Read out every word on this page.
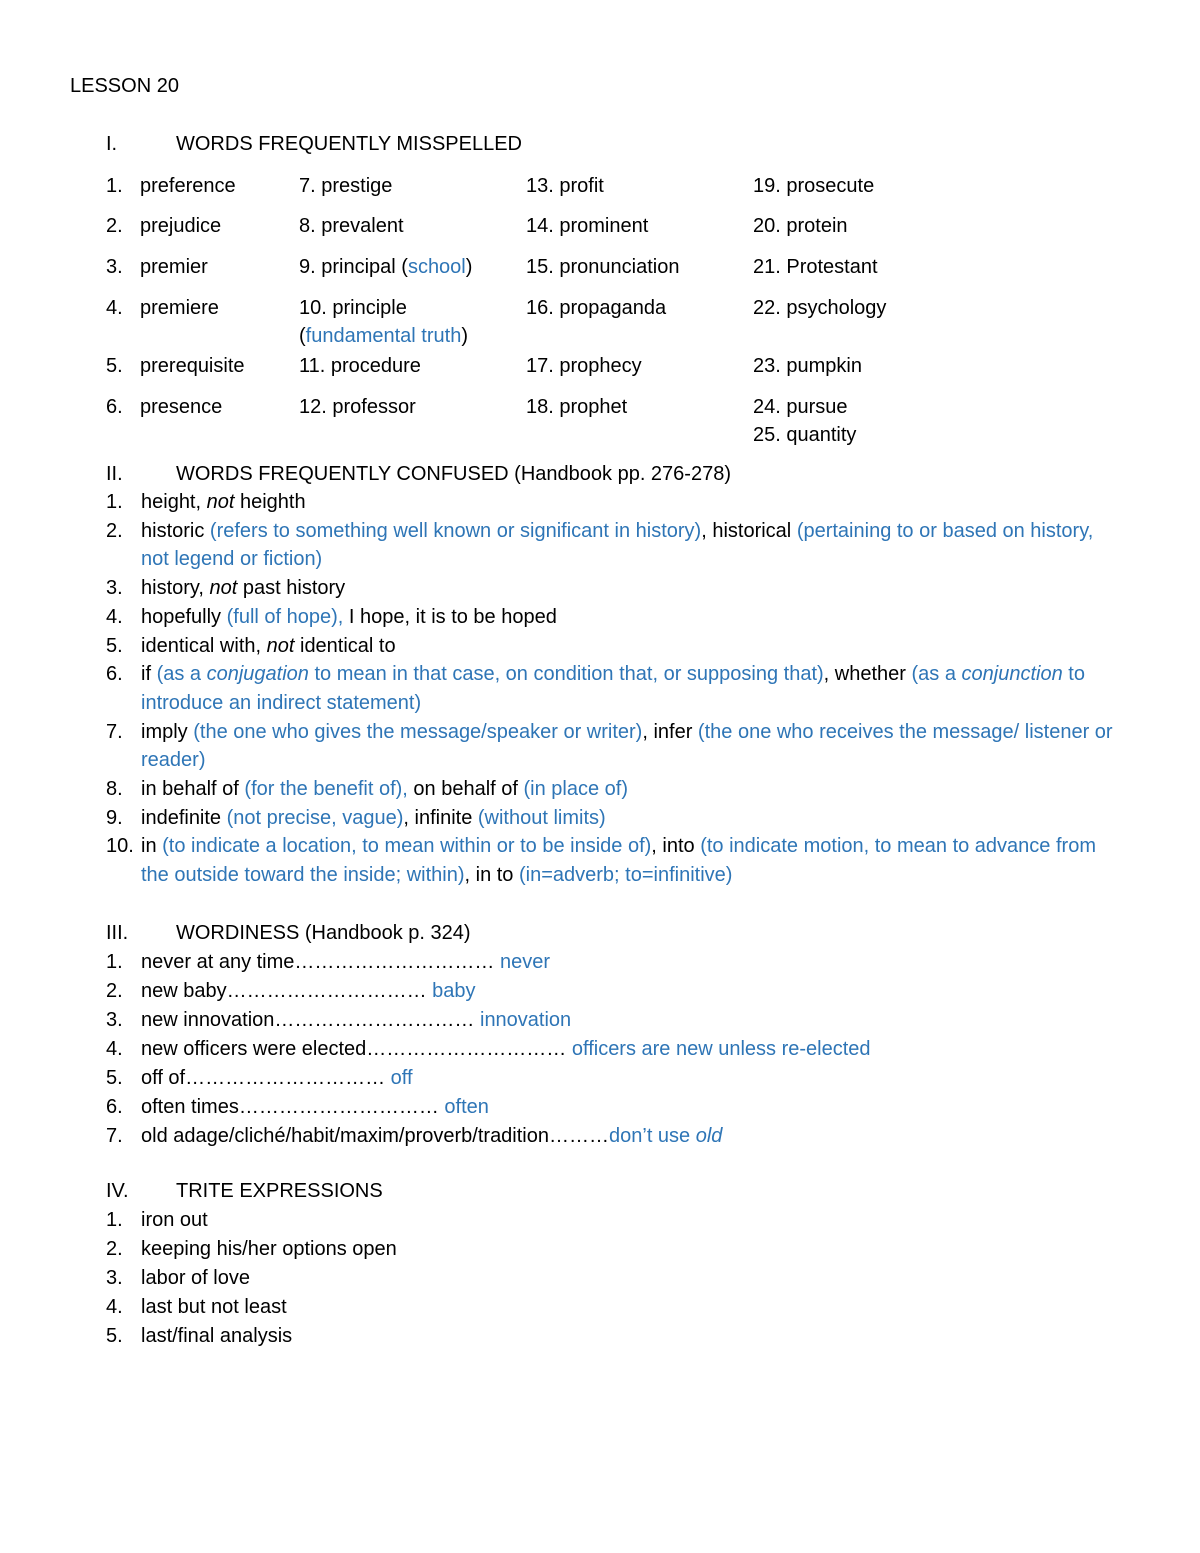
LESSON 20
I.	WORDS FREQUENTLY MISSPELLED
1. preference
2. prejudice
3. premier
4. premiere
5. prerequisite
6. presence
7. prestige
8. prevalent
9. principal (school)
10. principle
(fundamental truth)
11. procedure
12. professor
13. profit
14. prominent
15. pronunciation
16. propaganda
17. prophecy
18. prophet
19. prosecute
20. protein
21. Protestant
22. psychology
23. pumpkin
24. pursue
25. quantity
II.	WORDS FREQUENTLY CONFUSED (Handbook pp. 276-278)
1. height, not heighth
2. historic (refers to something well known or significant in history), historical (pertaining to or based on history, not legend or fiction)
3. history, not past history
4. hopefully (full of hope), I hope, it is to be hoped
5. identical with, not identical to
6. if (as a conjugation to mean in that case, on condition that, or supposing that), whether (as a conjunction to introduce an indirect statement)
7. imply (the one who gives the message/speaker or writer), infer (the one who receives the message/ listener or reader)
8. in behalf of (for the benefit of), on behalf of (in place of)
9. indefinite (not precise, vague), infinite (without limits)
10. in (to indicate a location, to mean within or to be inside of), into (to indicate motion, to mean to advance from the outside toward the inside; within), in to (in=adverb; to=infinitive)
III.	WORDINESS (Handbook p. 324)
1. never at any time………………………… never
2. new baby………………………… baby
3. new innovation………………………… innovation
4. new officers were elected………………………… officers are new unless re-elected
5. off of………………………… off
6. often times………………………… often
7. old adage/cliché/habit/maxim/proverb/tradition………don’t use old
IV.	TRITE EXPRESSIONS
1. iron out
2. keeping his/her options open
3. labor of love
4. last but not least
5. last/final analysis
